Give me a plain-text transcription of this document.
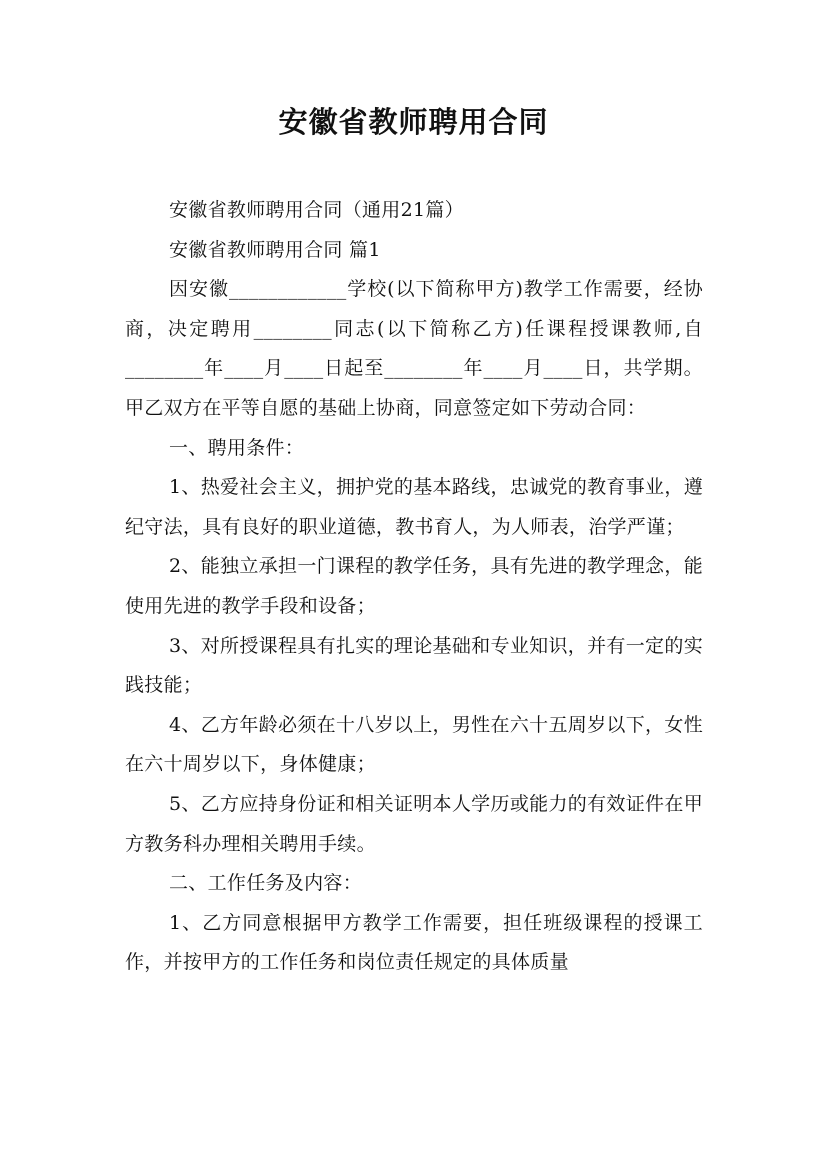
安徽省教师聘用合同

安徽省教师聘用合同（通用21篇）

安徽省教师聘用合同 篇1

因安徽____________学校(以下简称甲方)教学工作需要，经协商，决定聘用________同志(以下简称乙方)任课程授课教师,自________年____月____日起至________年____月____日，共学期。甲乙双方在平等自愿的基础上协商，同意签定如下劳动合同：

一、聘用条件：

1、热爱社会主义，拥护党的基本路线，忠诚党的教育事业，遵纪守法，具有良好的职业道德，教书育人，为人师表，治学严谨；

2、能独立承担一门课程的教学任务，具有先进的教学理念，能使用先进的教学手段和设备；

3、对所授课程具有扎实的理论基础和专业知识，并有一定的实践技能；

4、乙方年龄必须在十八岁以上，男性在六十五周岁以下，女性在六十周岁以下，身体健康；

5、乙方应持身份证和相关证明本人学历或能力的有效证件在甲方教务科办理相关聘用手续。

二、工作任务及内容：

1、乙方同意根据甲方教学工作需要，担任班级课程的授课工作，并按甲方的工作任务和岗位责任规定的具体质量
